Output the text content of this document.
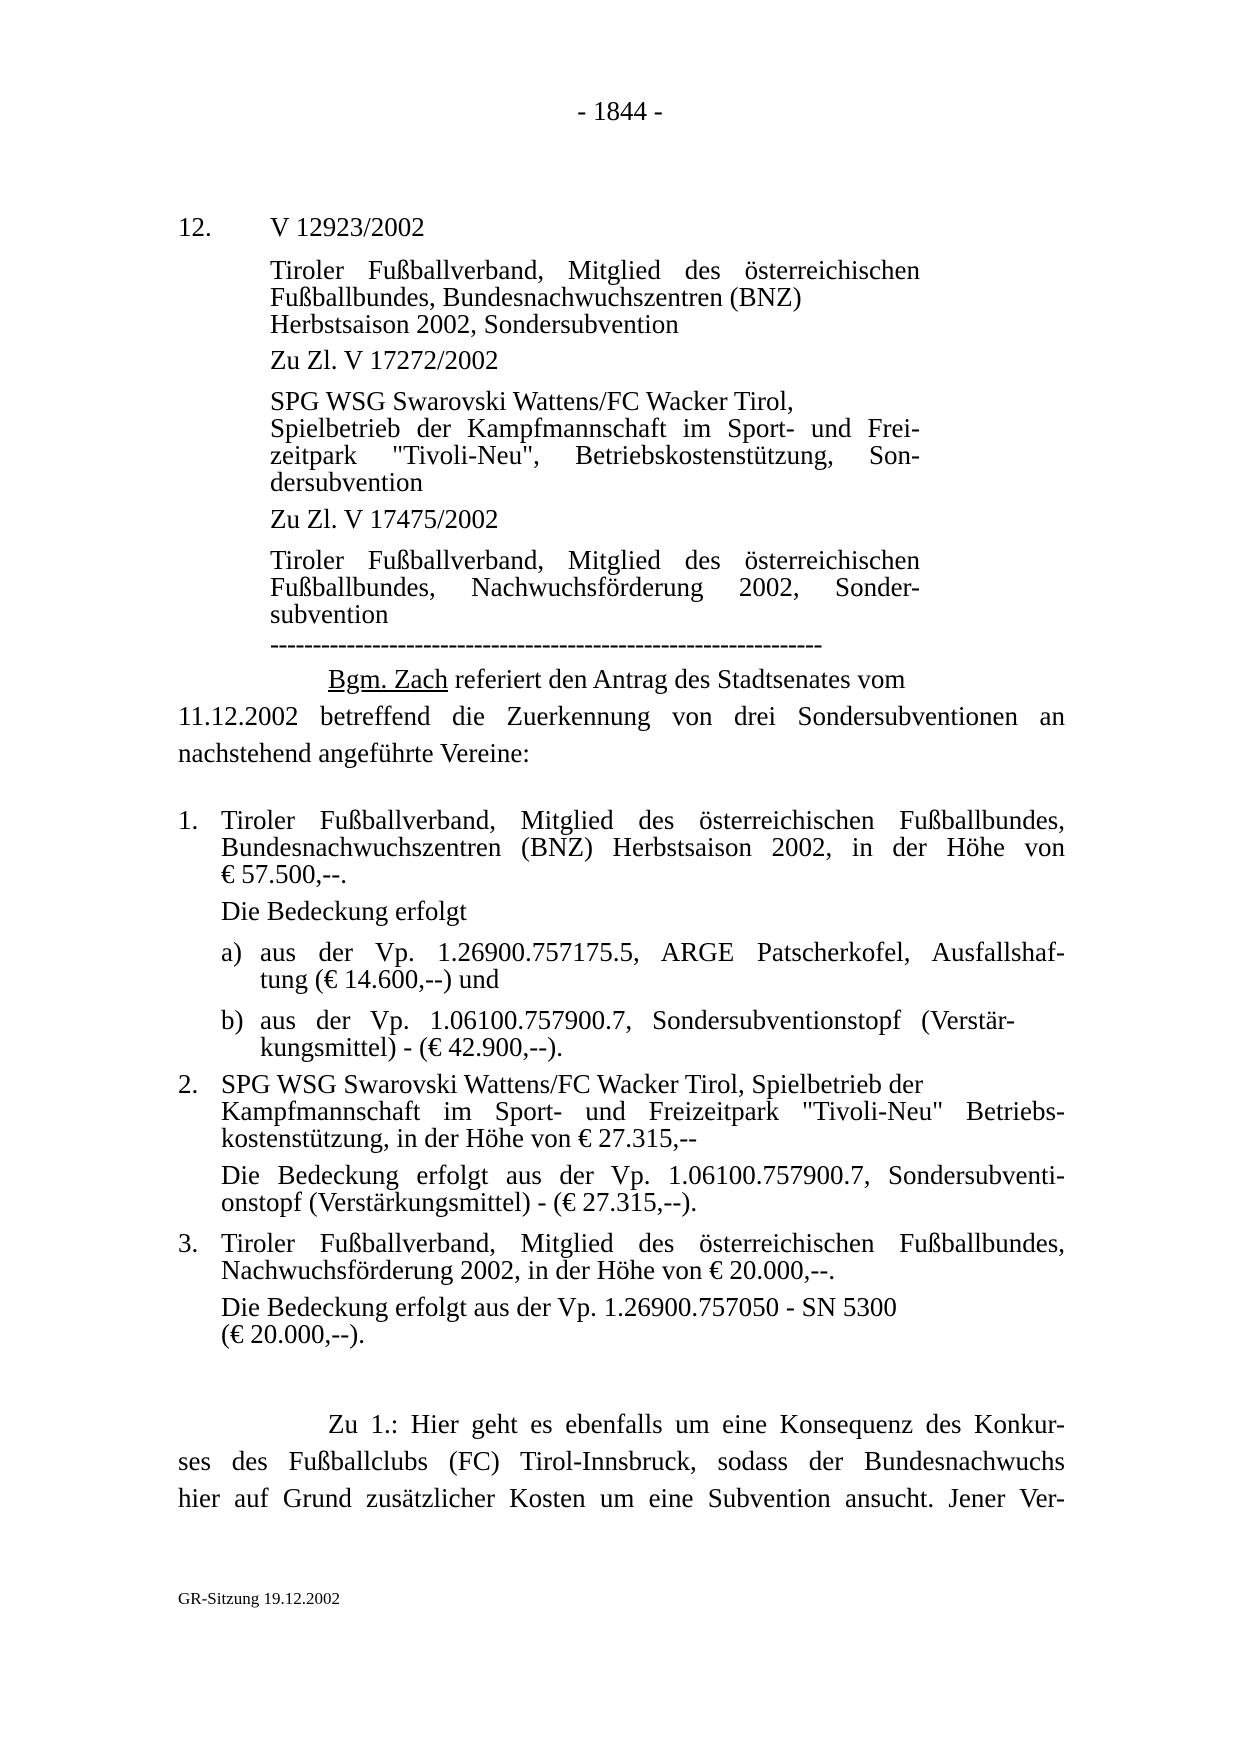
- 1844 -
12. V 12923/2002
Tiroler Fußballverband, Mitglied des österreichischen
Fußballbundes, Bundesnachwuchszentren (BNZ)
Herbstsaison 2002, Sondersubvention
Zu Zl. V 17272/2002
SPG WSG Swarovski Wattens/FC Wacker Tirol,
Spielbetrieb der Kampfmannschaft im Sport- und Frei-
zeitpark "Tivoli-Neu", Betriebskostenstützung, Son-
dersubvention
Zu Zl. V 17475/2002
Tiroler Fußballverband, Mitglied des österreichischen
Fußballbundes, Nachwuchsförderung 2002, Sonder-
subvention
-----------------------------------------------------------------
Bgm. Zach referiert den Antrag des Stadtsenates vom
11.12.2002 betreffend die Zuerkennung von drei Sondersubventionen an
nachstehend angeführte Vereine:
1. Tiroler Fußballverband, Mitglied des österreichischen Fußballbundes,
Bundesnachwuchszentren (BNZ) Herbstsaison 2002, in der Höhe von
€ 57.500,--.
Die Bedeckung erfolgt
a) aus der Vp. 1.26900.757175.5, ARGE Patscherkofel, Ausfallshaf-
tung (€ 14.600,--) und
b) aus der Vp. 1.06100.757900.7, Sondersubventionstopf (Verstär-
kungsmittel) - (€ 42.900,--).
2. SPG WSG Swarovski Wattens/FC Wacker Tirol, Spielbetrieb der
Kampfmannschaft im Sport- und Freizeitpark "Tivoli-Neu" Betriebs-
kostenstützung, in der Höhe von € 27.315,--
Die Bedeckung erfolgt aus der Vp. 1.06100.757900.7, Sondersubventi-
onstopf (Verstärkungsmittel) - (€ 27.315,--).
3. Tiroler Fußballverband, Mitglied des österreichischen Fußballbundes,
Nachwuchsförderung 2002, in der Höhe von € 20.000,--.
Die Bedeckung erfolgt aus der Vp. 1.26900.757050 - SN 5300
(€ 20.000,--).
Zu 1.: Hier geht es ebenfalls um eine Konsequenz des Konkur-
ses des Fußballclubs (FC) Tirol-Innsbruck, sodass der Bundesnachwuchs
hier auf Grund zusätzlicher Kosten um eine Subvention ansucht. Jener Ver-
GR-Sitzung 19.12.2002
